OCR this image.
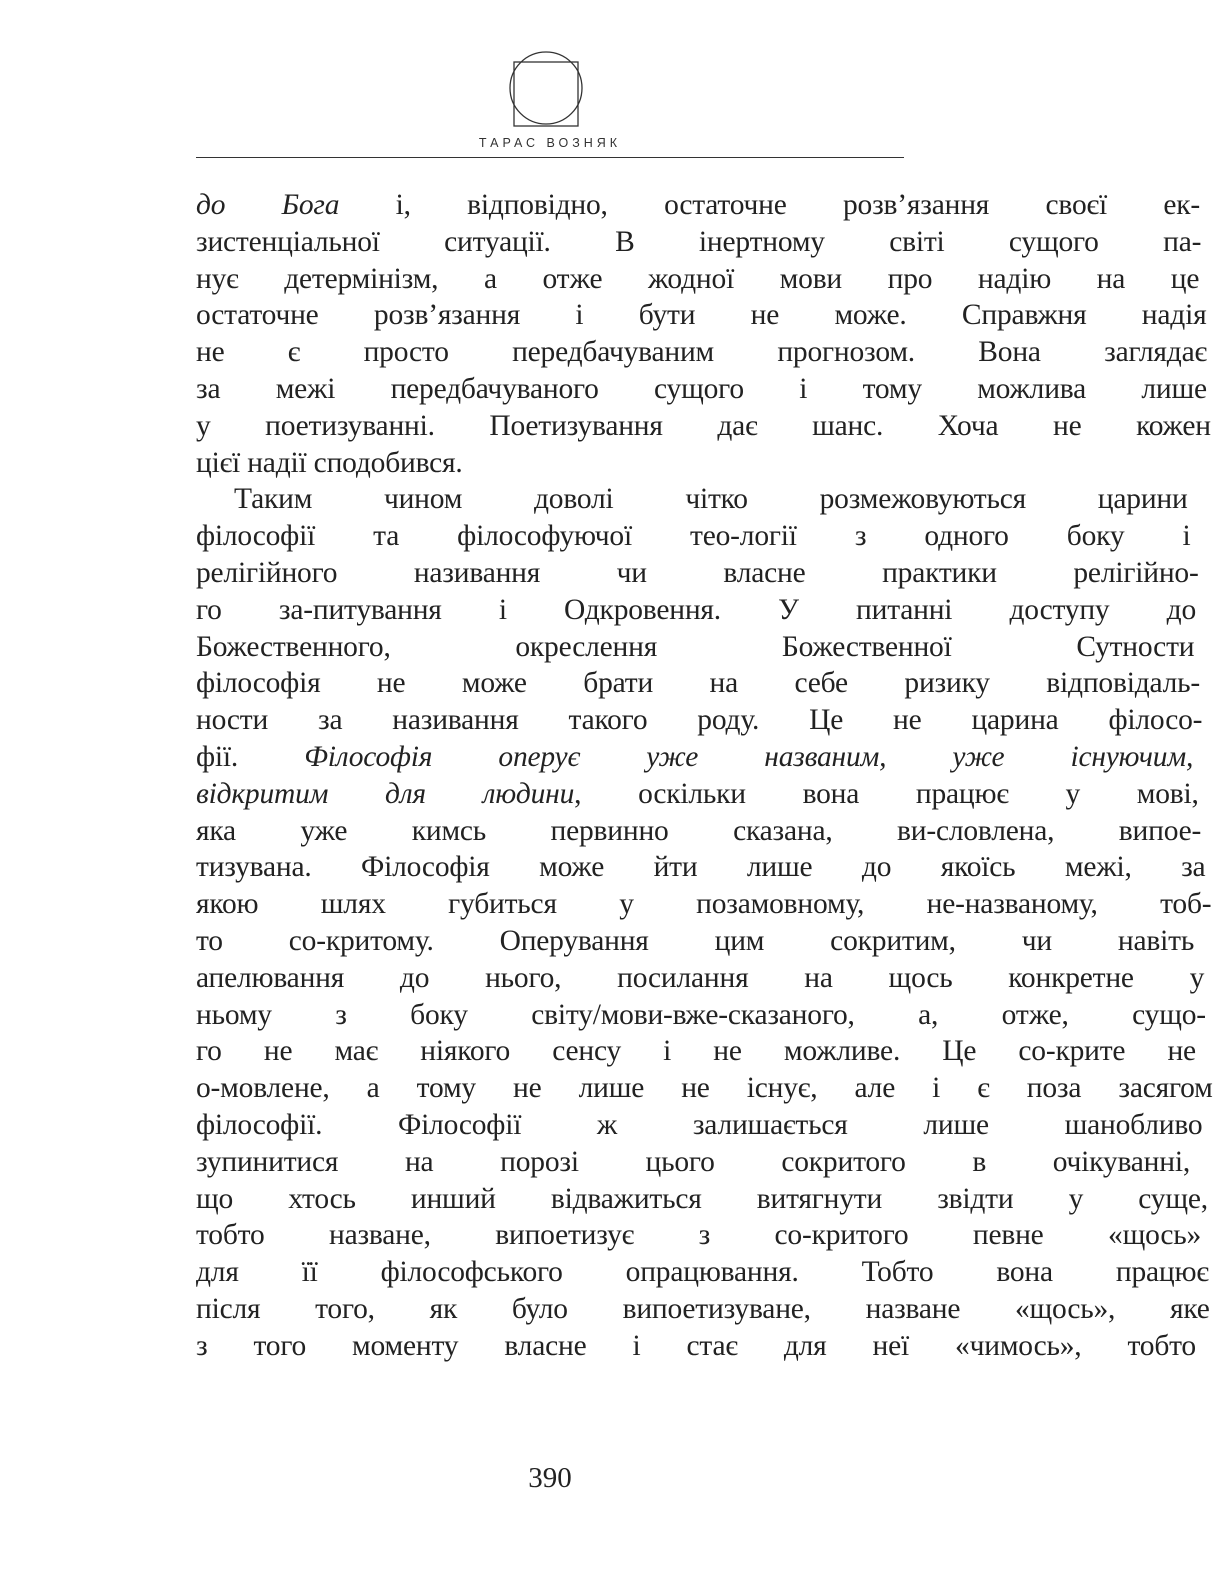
ТАРАС ВОЗНЯК
до Бога і, відповідно, остаточне розв’язання своєї ек-
зистенціальної ситуації. В інертному світі сущого па-
нує детермінізм, а отже жодної мови про надію на це
остаточне розв’язання і бути не може. Справжня надія
не є просто передбачуваним прогнозом. Вона заглядає
за межі передбачуваного сущого і тому можлива лише
у поетизуванні. Поетизування дає шанс. Хоча не кожен
цієї надії сподобився.
Таким чином доволі чітко розмежовуються царини
філософії та філософуючої тео-логії з одного боку і
релігійного називання чи власне практики релігійно-
го за-питування і Одкровення. У питанні доступу до
Божественного, окреслення Божественної Сутности
філософія не може брати на себе ризику відповідаль-
ности за називання такого роду. Це не царина філосо-
фії. Філософія оперує уже названим, уже існуючим,
відкритим для людини, оскільки вона працює у мові,
яка уже кимсь первинно сказана, ви-словлена, випое-
тизувана. Філософія може йти лише до якоїсь межі, за
якою шлях губиться у позамовному, не-названому, тоб-
то со-критому. Оперування цим сокритим, чи навіть
апелювання до нього, посилання на щось конкретне у
ньому з боку світу/мови-вже-сказаного, а, отже, сущо-
го не має ніякого сенсу і не можливе. Це со-крите не
о-мовлене, а тому не лише не існує, але і є поза засягом
філософії. Філософії ж залишається лише шанобливо
зупинитися на порозі цього сокритого в очікуванні,
що хтось инший відважиться витягнути звідти у суще,
тобто назване, випоетизує з со-критого певне «щось»
для її філософського опрацювання. Тобто вона працює
після того, як було випоетизуване, назване «щось», яке
з того моменту власне і стає для неї «чимось», тобто
390
